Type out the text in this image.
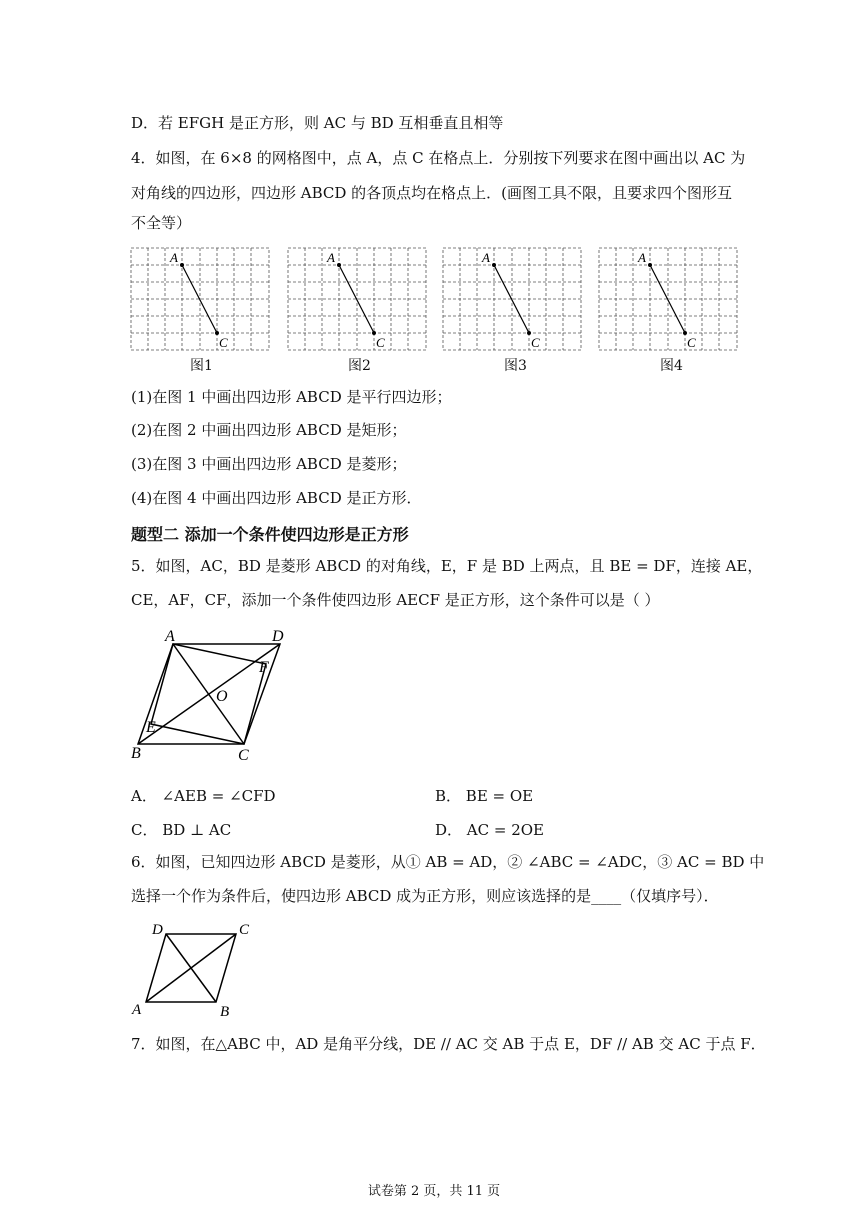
D．若 EFGH 是正方形，则 AC 与 BD 互相垂直且相等
4．如图，在 6×8 的网格图中，点 A，点 C 在格点上．分别按下列要求在图中画出以 AC 为
对角线的四边形，四边形 ABCD 的各顶点均在格点上．(画图工具不限，且要求四个图形互
不全等）
A
C
图1
A
C
图2
A
C
图3
A
C
图4
(1)在图 1 中画出四边形 ABCD 是平行四边形；
(2)在图 2 中画出四边形 ABCD 是矩形；
(3)在图 3 中画出四边形 ABCD 是菱形；
(4)在图 4 中画出四边形 ABCD 是正方形．
题型二 添加一个条件使四边形是正方形
5．如图，AC，BD 是菱形 ABCD 的对角线，E，F 是 BD 上两点，且 BE = DF，连接 AE，
CE，AF，CF，添加一个条件使四边形 AECF 是正方形，这个条件可以是（ ）
A	D
F
O
E
B	C
A． ∠AEB = ∠CFD	B． BE = OE
C． BD ⊥ AC	D． AC = 2OE
6．如图，已知四边形 ABCD 是菱形，从① AB = AD，② ∠ABC = ∠ADC，③ AC = BD 中
选择一个作为条件后，使四边形 ABCD 成为正方形，则应该选择的是____（仅填序号）．
D	C
A	B
7．如图，在△ABC 中，AD 是角平分线，DE // AC 交 AB 于点 E，DF // AB 交 AC 于点 F．
试卷第 2 页，共 11 页
